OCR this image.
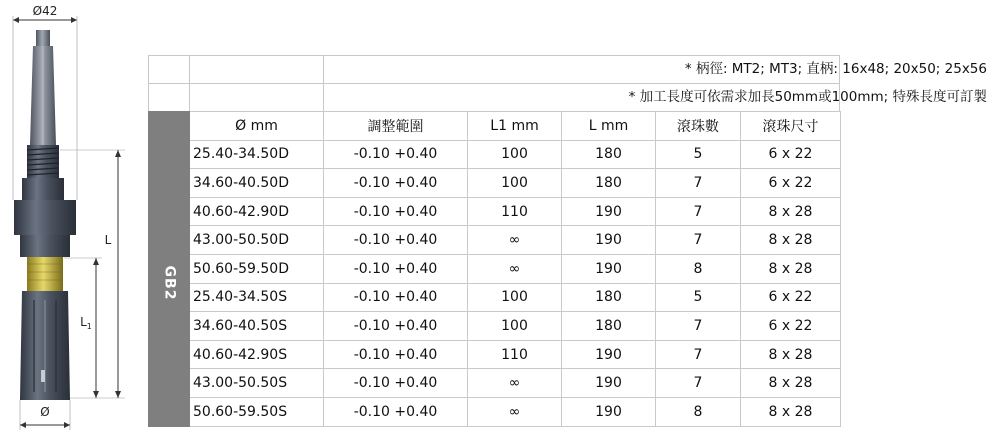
Ø42
L
$L_1$
Ø
* 柄徑: MT2; MT3; 直柄: 16x48; 20x50; 25x56
* 加工長度可依需求加長50mm或100mm; 特殊長度可訂製
	Ø mm	調整範圍	L1 mm	L mm	滾珠數	滾珠尺寸
GB2	25.40-34.50D	-0.10 +0.40	100	180	5	6 x 22
	34.60-40.50D	-0.10 +0.40	100	180	7	6 x 22
	40.60-42.90D	-0.10 +0.40	110	190	7	8 x 28
	43.00-50.50D	-0.10 +0.40	∞	190	7	8 x 28
	50.60-59.50D	-0.10 +0.40	∞	190	8	8 x 28
	25.40-34.50S	-0.10 +0.40	100	180	5	6 x 22
	34.60-40.50S	-0.10 +0.40	100	180	7	6 x 22
	40.60-42.90S	-0.10 +0.40	110	190	7	8 x 28
	43.00-50.50S	-0.10 +0.40	∞	190	7	8 x 28
	50.60-59.50S	-0.10 +0.40	∞	190	8	8 x 28
